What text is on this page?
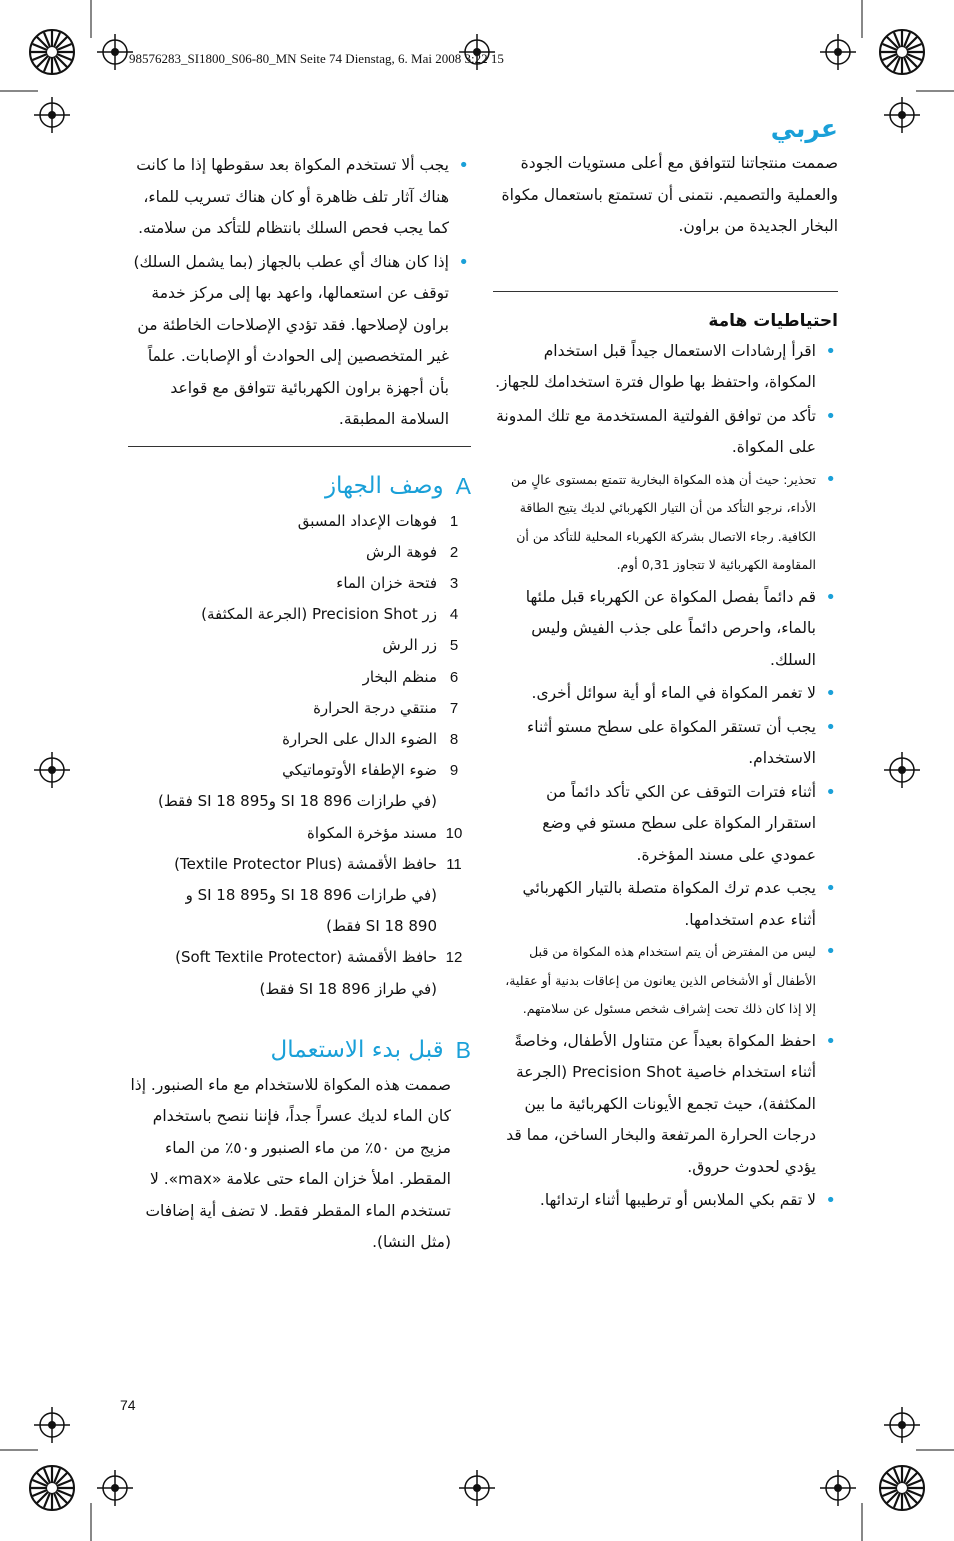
98576283_SI1800_S06-80_MN Seite 74 Dienstag, 6. Mai 2008 3:22 15
عربي
صممت منتجاتنا لتتوافق مع أعلى مستويات الجودة والعملية والتصميم. نتمنى أن تستمتع باستعمال مكواة البخار الجديدة من براون.
احتياطيات هامة
• اقرأ إرشادات الاستعمال جيداً قبل استخدام المكواة، واحتفظ بها طوال فترة استخدامك للجهاز.
• تأكد من توافق الفولتية المستخدمة مع تلك المدونة على المكواة.
• تحذير: حيث أن هذه المكواة البخارية تتمتع بمستوى عالٍ من الأداء، نرجو التأكد من أن التيار الكهربائي لديك يتيح الطاقة الكافية. رجاء الاتصال بشركة الكهرباء المحلية للتأكد من أن المقاومة الكهربائية لا تتجاوز 0,31 أوم.
• قم دائماً بفصل المكواة عن الكهرباء قبل ملئها بالماء، واحرص دائماً على جذب الفيش وليس السلك.
• لا تغمر المكواة في الماء أو أية سوائل أخرى.
• يجب أن تستقر المكواة على سطح مستو أثناء الاستخدام.
• أثناء فترات التوقف عن الكي تأكد دائماً من استقرار المكواة على سطح مستو في وضع عمودي على مسند المؤخرة.
• يجب عدم ترك المكواة متصلة بالتيار الكهربائي أثناء عدم استخدامها.
• ليس من المفترض أن يتم استخدام هذه المكواة من قبل الأطفال أو الأشخاص الذين يعانون من إعاقات بدنية أو عقلية، إلا إذا كان ذلك تحت إشراف شخص مسئول عن سلامتهم.
• احفظ المكواة بعيداً عن متناول الأطفال، وخاصةً أثناء استخدام خاصية Precision Shot (الجرعة المكثفة)، حيث تجمع الأيونات الكهربائية ما بين درجات الحرارة المرتفعة والبخار الساخن، مما قد يؤدي لحدوث حروق.
• لا تقم بكي الملابس أو ترطيبها أثناء ارتدائها.
• يجب ألا تستخدم المكواة بعد سقوطها إذا ما كانت هناك آثار تلف ظاهرة أو كان هناك تسريب للماء، كما يجب فحص السلك بانتظام للتأكد من سلامته.
• إذا كان هناك أي عطب بالجهاز (بما يشمل السلك) توقف عن استعمالها، واعهد بها إلى مركز خدمة براون لإصلاحها. فقد تؤدي الإصلاحات الخاطئة من غير المتخصصين إلى الحوادث أو الإصابات. علماً بأن أجهزة براون الكهربائية تتوافق مع قواعد السلامة المطبقة.
A
وصف الجهاز
1
فوهات الإعداد المسبق
2
فوهة الرش
3
فتحة خزان الماء
4
زر Precision Shot (الجرعة المكثفة)
5
زر الرش
6
منظم البخار
7
منتقي درجة الحرارة
8
الضوء الدال على الحرارة
9
ضوء الإطفاء الأوتوماتيكي
(في طرازات SI 18 896 وSI 18 895 فقط)
10
مسند مؤخرة المكواة
11
حافظ الأقمشة (Textile Protector Plus)
(في طرازات SI 18 896 وSI 18 895 و
SI 18 890 فقط)
12
حافظ الأقمشة (Soft Textile Protector)
(في طراز SI 18 896 فقط)
B
قبل بدء الاستعمال
صممت هذه المكواة للاستخدام مع ماء الصنبور. إذا كان الماء لديك عسراً جداً، فإننا ننصح باستخدام مزيج من ٥٠٪ من ماء الصنبور و٥٠٪ من الماء المقطر. املأ خزان الماء حتى علامة «max». لا تستخدم الماء المقطر فقط. لا تضف أية إضافات (مثل النشا).
74
